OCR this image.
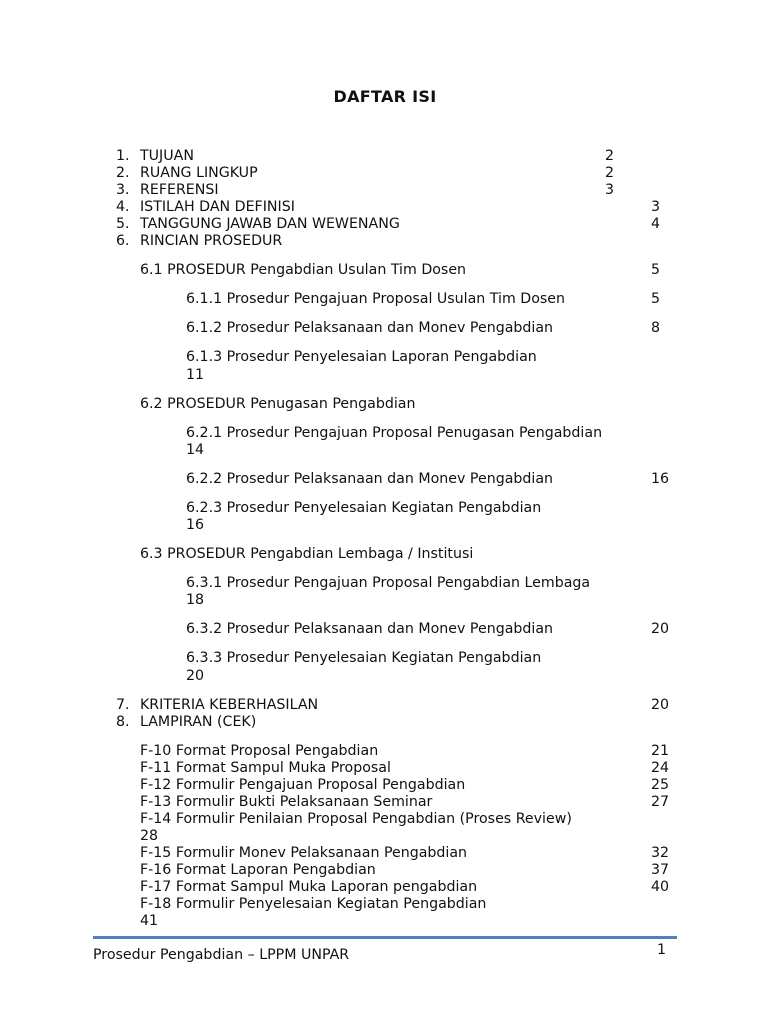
DAFTAR ISI
1. TUJUAN	2
2. RUANG LINGKUP	2
3. REFERENSI	3
4. ISTILAH DAN DEFINISI	3
5. TANGGUNG JAWAB DAN WEWENANG	4
6. RINCIAN PROSEDUR
6.1 PROSEDUR Pengabdian Usulan Tim Dosen	5
6.1.1 Prosedur Pengajuan Proposal Usulan Tim Dosen	5
6.1.2 Prosedur Pelaksanaan dan Monev Pengabdian	8
6.1.3 Prosedur Penyelesaian Laporan Pengabdian
11
6.2 PROSEDUR Penugasan Pengabdian
6.2.1 Prosedur Pengajuan Proposal Penugasan Pengabdian
14
6.2.2 Prosedur Pelaksanaan dan Monev Pengabdian	16
6.2.3 Prosedur Penyelesaian Kegiatan Pengabdian
16
6.3 PROSEDUR Pengabdian Lembaga / Institusi
6.3.1 Prosedur Pengajuan Proposal Pengabdian Lembaga
18
6.3.2 Prosedur Pelaksanaan dan Monev Pengabdian	20
6.3.3 Prosedur Penyelesaian Kegiatan Pengabdian
20
7. KRITERIA KEBERHASILAN	20
8. LAMPIRAN (CEK)
F-10 Format Proposal Pengabdian	21
F-11 Format Sampul Muka Proposal	24
F-12 Formulir Pengajuan Proposal Pengabdian	25
F-13 Formulir Bukti Pelaksanaan Seminar	27
F-14 Formulir Penilaian Proposal Pengabdian (Proses Review)
28
F-15 Formulir Monev Pelaksanaan Pengabdian	32
F-16 Format Laporan Pengabdian	37
F-17 Format Sampul Muka Laporan pengabdian	40
F-18 Formulir Penyelesaian Kegiatan Pengabdian
41
Prosedur Pengabdian – LPPM UNPAR	1
